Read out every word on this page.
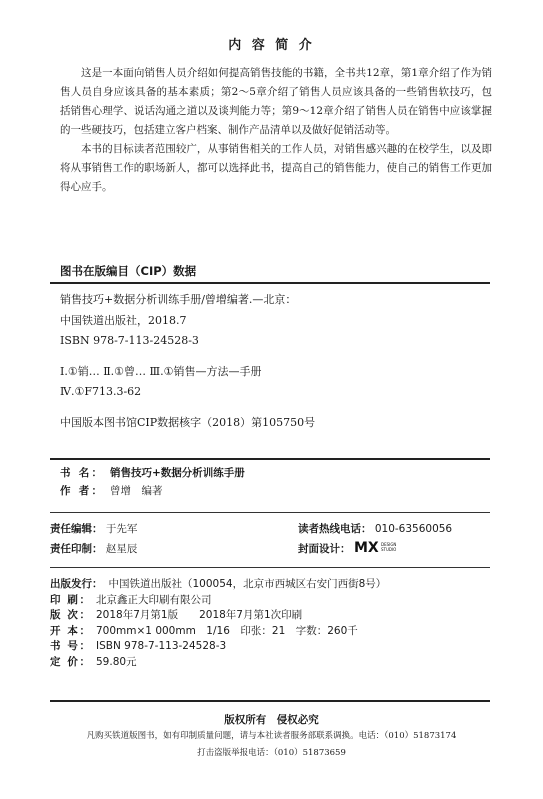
内 容 简 介

这是一本面向销售人员介绍如何提高销售技能的书籍，全书共12章，第1章介绍了作为销售人员自身应该具备的基本素质；第2～5章介绍了销售人员应该具备的一些销售软技巧，包括销售心理学、说话沟通之道以及谈判能力等；第9～12章介绍了销售人员在销售中应该掌握的一些硬技巧，包括建立客户档案、制作产品清单以及做好促销活动等。

本书的目标读者范围较广，从事销售相关的工作人员，对销售感兴趣的在校学生，以及即将从事销售工作的职场新人，都可以选择此书，提高自己的销售能力，使自己的销售工作更加得心应手。

图书在版编目（CIP）数据
销售技巧+数据分析训练手册/曾增编著.—北京：
中国铁道出版社，2018.7
ISBN 978-7-113-24528-3
Ⅰ.①销… Ⅱ.①曾… Ⅲ.①销售—方法—手册
Ⅳ.①F713.3-62
中国版本图书馆CIP数据核字（2018）第105750号
书 名： 销售技巧+数据分析训练手册
作 者： 曾增　编著
责任编辑： 于先军
责任印制： 赵星辰
读者热线电话： 010-63560056
封面设计： MX DESIGN
STUDIO
出版发行： 中国铁道出版社（100054，北京市西城区右安门西街8号）
印 刷： 北京鑫正大印刷有限公司
版 次： 2018年7月第1版　　2018年7月第1次印刷
开 本： 700mm×1 000mm　1/16　印张：21　字数：260千
书 号： ISBN 978-7-113-24528-3
定 价： 59.80元
版权所有　侵权必究
凡购买铁道版图书，如有印制质量问题，请与本社读者服务部联系调换。电话：（010）51873174
打击盗版举报电话：（010）51873659
